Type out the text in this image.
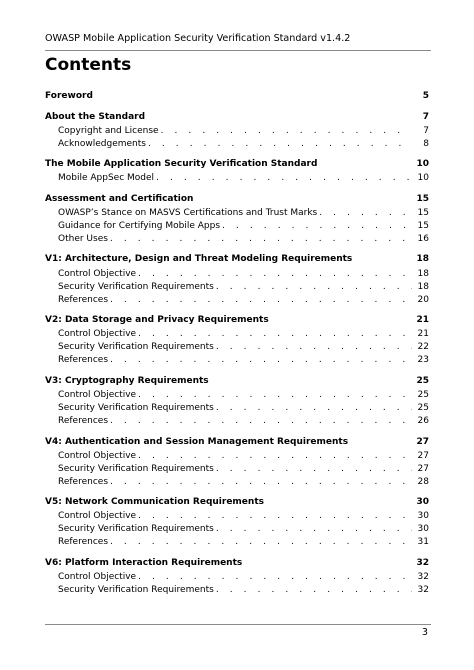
OWASP Mobile Application Security Verification Standard v1.4.2
Contents
Foreword	5
About the Standard	7
Copyright and License . . .	7
Acknowledgements . . .	8
The Mobile Application Security Verification Standard	10
Mobile AppSec Model . . .	10
Assessment and Certification	15
OWASP’s Stance on MASVS Certifications and Trust Marks . . .	15
Guidance for Certifying Mobile Apps . . .	15
Other Uses . . .	16
V1: Architecture, Design and Threat Modeling Requirements	18
Control Objective . . .	18
Security Verification Requirements . . .	18
References . . .	20
V2: Data Storage and Privacy Requirements	21
Control Objective . . .	21
Security Verification Requirements . . .	22
References . . .	23
V3: Cryptography Requirements	25
Control Objective . . .	25
Security Verification Requirements . . .	25
References . . .	26
V4: Authentication and Session Management Requirements	27
Control Objective . . .	27
Security Verification Requirements . . .	27
References . . .	28
V5: Network Communication Requirements	30
Control Objective . . .	30
Security Verification Requirements . . .	30
References . . .	31
V6: Platform Interaction Requirements	32
Control Objective . . .	32
Security Verification Requirements . . .	32
3
